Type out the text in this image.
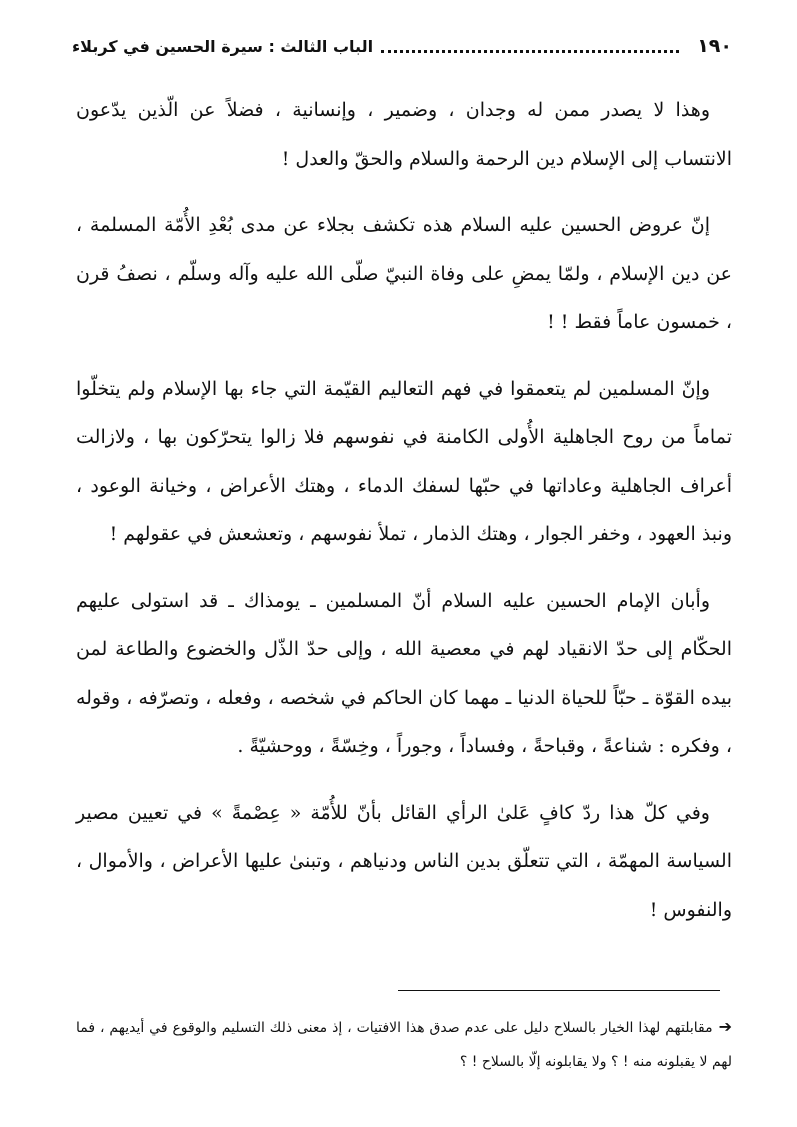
١٩٠
الباب الثالث : سيرة الحسين في كربلاء

وهذا لا يصدر ممن له وجدان ، وضمير ، وإنسانية ، فضلاً عن الّذين يدّعون الانتساب إلى الإسلام دين الرحمة والسلام والحقّ والعدل !

إنّ عروض الحسين عليه السلام هذه تكشف بجلاء عن مدى بُعْدِ الأُمّة المسلمة ، عن دين الإسلام ، ولمّا يمضِ على وفاة النبيّ صلّى الله عليه وآله وسلّم ، نصفُ قرن ، خمسون عاماً فقط ! !

وإنّ المسلمين لم يتعمقوا في فهم التعاليم القيّمة التي جاء بها الإسلام ولم يتخلّوا تماماً من روح الجاهلية الأُولى الكامنة في نفوسهم فلا زالوا يتحرّكون بها ، ولازالت أعراف الجاهلية وعاداتها في حبّها لسفك الدماء ، وهتك الأعراض ، وخيانة الوعود ، ونبذ العهود ، وخفر الجوار ، وهتك الذمار ، تملأ نفوسهم ، وتعشعش في عقولهم !

وأبان الإمام الحسين عليه السلام أنّ المسلمين ـ يومذاك ـ قد استولى عليهم الحكّام إلى حدّ الانقياد لهم في معصية الله ، وإلى حدّ الذّل والخضوع والطاعة لمن بيده القوّة ـ حبّاً للحياة الدنيا ـ مهما كان الحاكم في شخصه ، وفعله ، وتصرّفه ، وقوله ، وفكره : شناعةً ، وقباحةً ، وفساداً ، وجوراً ، وخِسّةً ، ووحشيّةً .

وفي كلّ هذا ردّ كافٍ عَلىٰ الرأي القائل بأنّ للأُمّة « عِصْمةً » في تعيين مصير السياسة المهمّة ، التي تتعلّق بدين الناس ودنياهم ، وتبنىٰ عليها الأعراض ، والأموال ، والنفوس !

➔مقابلتهم لهذا الخيار بالسلاح دليل على عدم صدق هذا الافتيات ، إذ معنى ذلك التسليم والوقوع في أيديهم ، فما لهم لا يقبلونه منه ! ؟ ولا يقابلونه إلّا بالسلاح ! ؟
